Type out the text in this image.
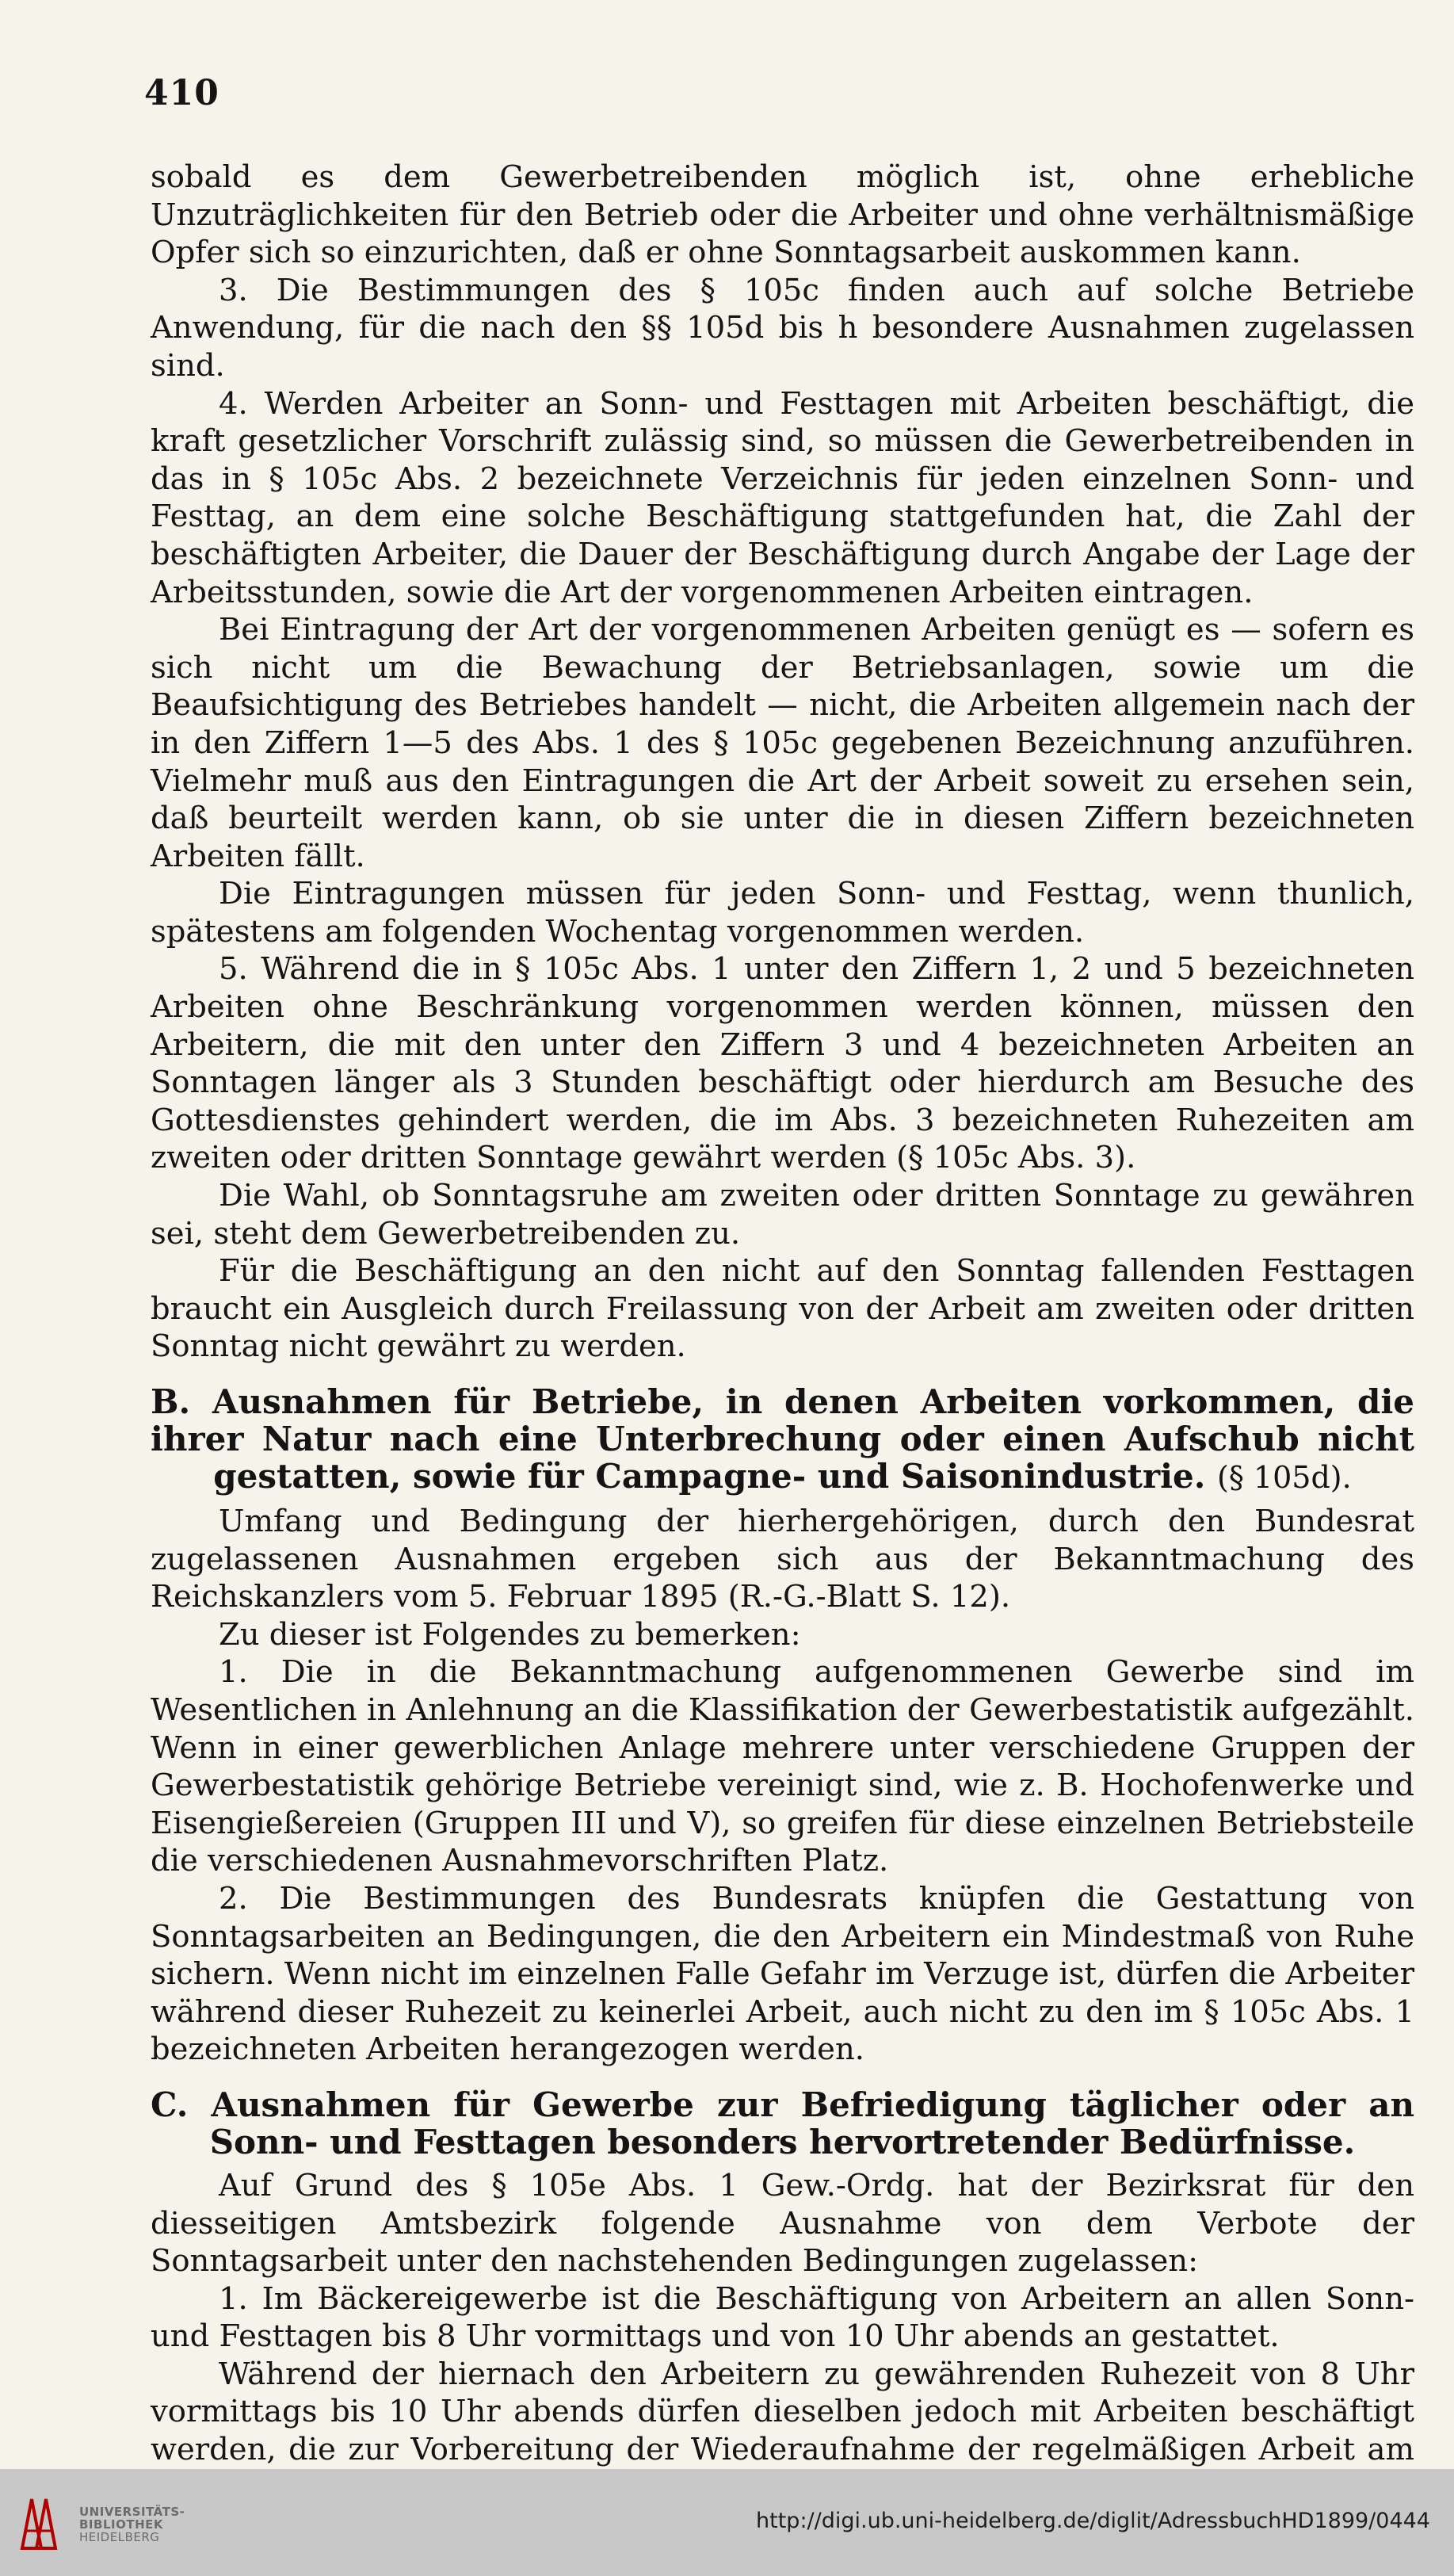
410

sobald es dem Gewerbetreibenden möglich ist, ohne erhebliche Unzuträglichkeiten für den Betrieb oder die Arbeiter und ohne verhältnismäßige Opfer sich so einzurichten, daß er ohne Sonntagsarbeit auskommen kann.

3. Die Bestimmungen des § 105c finden auch auf solche Betriebe Anwendung, für die nach den §§ 105d bis h besondere Ausnahmen zugelassen sind.

4. Werden Arbeiter an Sonn- und Festtagen mit Arbeiten beschäftigt, die kraft gesetzlicher Vorschrift zulässig sind, so müssen die Gewerbetreibenden in das in § 105c Abs. 2 bezeichnete Verzeichnis für jeden einzelnen Sonn- und Festtag, an dem eine solche Beschäftigung stattgefunden hat, die Zahl der beschäftigten Arbeiter, die Dauer der Beschäftigung durch Angabe der Lage der Arbeitsstunden, sowie die Art der vorgenommenen Arbeiten eintragen.

Bei Eintragung der Art der vorgenommenen Arbeiten genügt es — sofern es sich nicht um die Bewachung der Betriebsanlagen, sowie um die Beaufsichtigung des Betriebes handelt — nicht, die Arbeiten allgemein nach der in den Ziffern 1—5 des Abs. 1 des § 105c gegebenen Bezeichnung anzuführen. Vielmehr muß aus den Eintragungen die Art der Arbeit soweit zu ersehen sein, daß beurteilt werden kann, ob sie unter die in diesen Ziffern bezeichneten Arbeiten fällt.

Die Eintragungen müssen für jeden Sonn- und Festtag, wenn thunlich, spätestens am folgenden Wochentag vorgenommen werden.

5. Während die in § 105c Abs. 1 unter den Ziffern 1, 2 und 5 bezeichneten Arbeiten ohne Beschränkung vorgenommen werden können, müssen den Arbeitern, die mit den unter den Ziffern 3 und 4 bezeichneten Arbeiten an Sonntagen länger als 3 Stunden beschäftigt oder hierdurch am Besuche des Gottesdienstes gehindert werden, die im Abs. 3 bezeichneten Ruhezeiten am zweiten oder dritten Sonntage gewährt werden (§ 105c Abs. 3).

Die Wahl, ob Sonntagsruhe am zweiten oder dritten Sonntage zu gewähren sei, steht dem Gewerbetreibenden zu.

Für die Beschäftigung an den nicht auf den Sonntag fallenden Festtagen braucht ein Ausgleich durch Freilassung von der Arbeit am zweiten oder dritten Sonntag nicht gewährt zu werden.

B. Ausnahmen für Betriebe, in denen Arbeiten vorkommen, die ihrer Natur nach eine Unterbrechung oder einen Aufschub nicht gestatten, sowie für Campagne- und Saisonindustrie. (§ 105d).

Umfang und Bedingung der hierhergehörigen, durch den Bundesrat zugelassenen Ausnahmen ergeben sich aus der Bekanntmachung des Reichskanzlers vom 5. Februar 1895 (R.-G.-Blatt S. 12).

Zu dieser ist Folgendes zu bemerken:

1. Die in die Bekanntmachung aufgenommenen Gewerbe sind im Wesentlichen in Anlehnung an die Klassifikation der Gewerbestatistik aufgezählt. Wenn in einer gewerblichen Anlage mehrere unter verschiedene Gruppen der Gewerbestatistik gehörige Betriebe vereinigt sind, wie z. B. Hochofenwerke und Eisengießereien (Gruppen III und V), so greifen für diese einzelnen Betriebsteile die verschiedenen Ausnahmevorschriften Platz.

2. Die Bestimmungen des Bundesrats knüpfen die Gestattung von Sonntagsarbeiten an Bedingungen, die den Arbeitern ein Mindestmaß von Ruhe sichern. Wenn nicht im einzelnen Falle Gefahr im Verzuge ist, dürfen die Arbeiter während dieser Ruhezeit zu keinerlei Arbeit, auch nicht zu den im § 105c Abs. 1 bezeichneten Arbeiten herangezogen werden.

C. Ausnahmen für Gewerbe zur Befriedigung täglicher oder an Sonn- und Festtagen besonders hervortretender Bedürfnisse.

Auf Grund des § 105e Abs. 1 Gew.-Ordg. hat der Bezirksrat für den diesseitigen Amtsbezirk folgende Ausnahme von dem Verbote der Sonntagsarbeit unter den nachstehenden Bedingungen zugelassen:

1. Im Bäckereigewerbe ist die Beschäftigung von Arbeitern an allen Sonn- und Festtagen bis 8 Uhr vormittags und von 10 Uhr abends an gestattet.

Während der hiernach den Arbeitern zu gewährenden Ruhezeit von 8 Uhr vormittags bis 10 Uhr abends dürfen dieselben jedoch mit Arbeiten beschäftigt werden, die zur Vorbereitung der Wiederaufnahme der regelmäßigen Arbeit am

UNIVERSITÄTS-
BIBLIOTHEK
HEIDELBERG
http://digi.ub.uni-heidelberg.de/diglit/AdressbuchHD1899/0444
